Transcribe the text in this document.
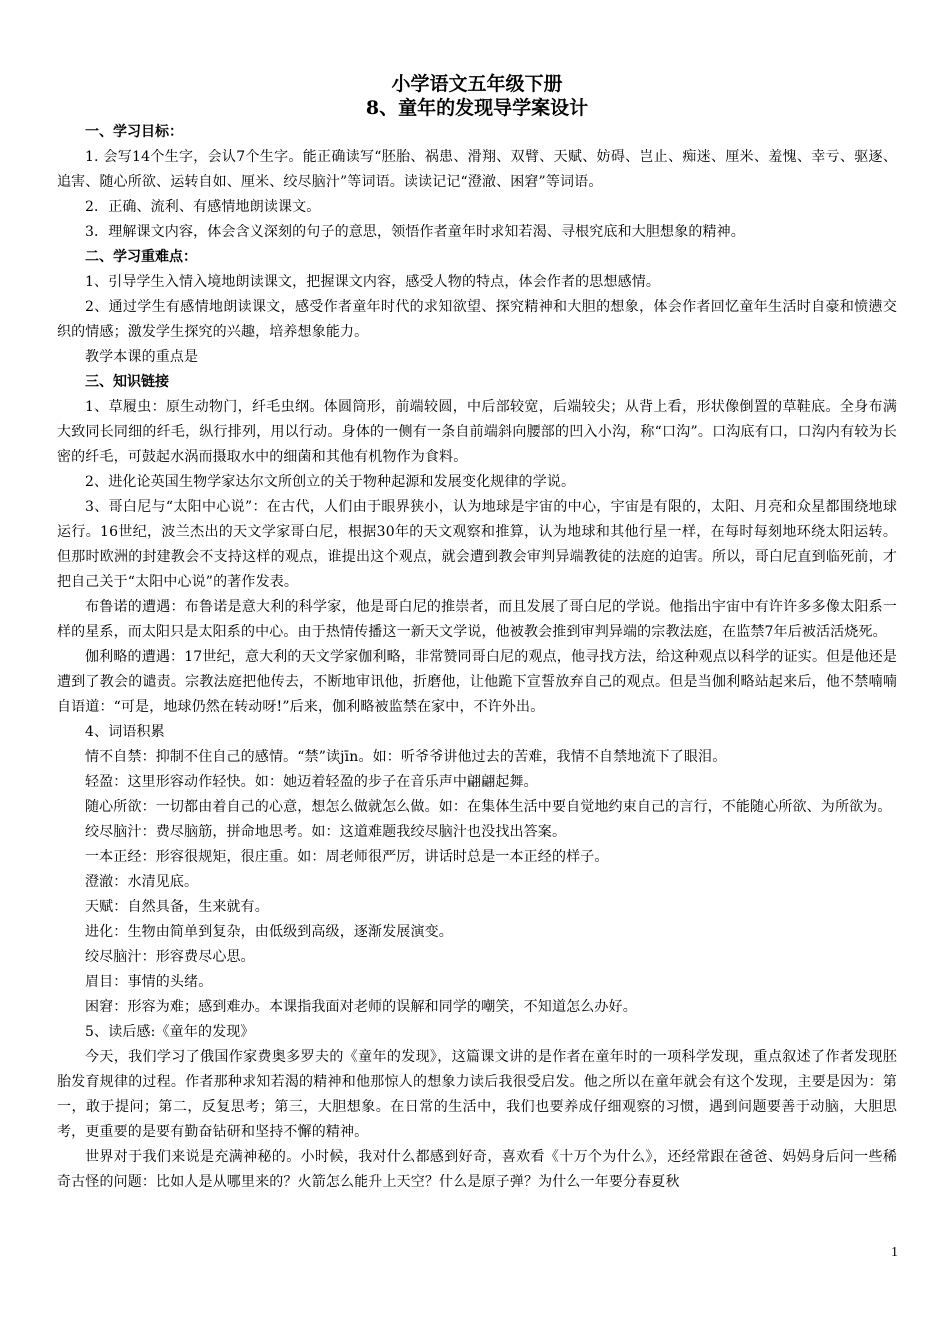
小学语文五年级下册
8、童年的发现导学案设计

一、学习目标：

1. 会写14个生字，会认7个生字。能正确读写“胚胎、祸患、滑翔、双臂、天赋、妨碍、岂止、痴迷、厘米、羞愧、幸亏、驱逐、追害、随心所欲、运转自如、厘米、绞尽脑汁”等词语。读读记记“澄澈、困窘”等词语。

2．正确、流利、有感情地朗读课文。

3．理解课文内容，体会含义深刻的句子的意思，领悟作者童年时求知若渴、寻根究底和大胆想象的精神。

二、学习重难点：

1、引导学生入情入境地朗读课文，把握课文内容，感受人物的特点，体会作者的思想感情。

2、通过学生有感情地朗读课文，感受作者童年时代的求知欲望、探究精神和大胆的想象，体会作者回忆童年生活时自豪和愤懑交织的情感；激发学生探究的兴趣，培养想象能力。

教学本课的重点是

三、知识链接

1、草履虫：原生动物门，纤毛虫纲。体圆筒形，前端较圆，中后部较宽，后端较尖；从背上看，形状像倒置的草鞋底。全身布满大致同长同细的纤毛，纵行排列，用以行动。身体的一侧有一条自前端斜向腰部的凹入小沟，称“口沟”。口沟底有口，口沟内有较为长密的纤毛，可鼓起水涡而摄取水中的细菌和其他有机物作为食料。

2、进化论英国生物学家达尔文所创立的关于物种起源和发展变化规律的学说。

3、哥白尼与“太阳中心说”：在古代，人们由于眼界狭小，认为地球是宇宙的中心，宇宙是有限的，太阳、月亮和众星都围绕地球运行。16世纪，波兰杰出的天文学家哥白尼，根据30年的天文观察和推算，认为地球和其他行星一样，在每时每刻地环绕太阳运转。但那时欧洲的封建教会不支持这样的观点，谁提出这个观点，就会遭到教会审判异端教徒的法庭的迫害。所以，哥白尼直到临死前，才把自己关于“太阳中心说”的著作发表。

布鲁诺的遭遇：布鲁诺是意大利的科学家，他是哥白尼的推崇者，而且发展了哥白尼的学说。他指出宇宙中有许许多多像太阳系一样的星系，而太阳只是太阳系的中心。由于热情传播这一新天文学说，他被教会推到审判异端的宗教法庭，在监禁7年后被活活烧死。

伽利略的遭遇：17世纪，意大利的天文学家伽利略，非常赞同哥白尼的观点，他寻找方法，给这种观点以科学的证实。但是他还是遭到了教会的谴责。宗教法庭把他传去，不断地审讯他，折磨他，让他跪下宣誓放弃自己的观点。但是当伽利略站起来后，他不禁喃喃自语道：“可是，地球仍然在转动呀!”后来，伽利略被监禁在家中，不许外出。

4、词语积累

情不自禁：抑制不住自己的感情。“禁”读jīn。如：听爷爷讲他过去的苦难，我情不自禁地流下了眼泪。

轻盈：这里形容动作轻快。如：她迈着轻盈的步子在音乐声中翩翩起舞。

随心所欲：一切都由着自己的心意，想怎么做就怎么做。如：在集体生活中要自觉地约束自己的言行，不能随心所欲、为所欲为。

绞尽脑汁：费尽脑筋，拼命地思考。如：这道难题我绞尽脑汁也没找出答案。

一本正经：形容很规矩，很庄重。如：周老师很严厉，讲话时总是一本正经的样子。

澄澈：水清见底。

天赋：自然具备，生来就有。

进化：生物由简单到复杂，由低级到高级，逐渐发展演变。

绞尽脑汁：形容费尽心思。

眉目：事情的头绪。

困窘：形容为难；感到难办。本课指我面对老师的误解和同学的嘲笑，不知道怎么办好。

5、读后感:《童年的发现》

今天，我们学习了俄国作家费奥多罗夫的《童年的发现》，这篇课文讲的是作者在童年时的一项科学发现，重点叙述了作者发现胚胎发育规律的过程。作者那种求知若渴的精神和他那惊人的想象力读后我很受启发。他之所以在童年就会有这个发现，主要是因为：第一，敢于提问；第二，反复思考；第三，大胆想象。在日常的生活中，我们也要养成仔细观察的习惯，遇到问题要善于动脑，大胆思考，更重要的是要有勤奋钻研和坚持不懈的精神。

世界对于我们来说是充满神秘的。小时候，我对什么都感到好奇，喜欢看《十万个为什么》，还经常跟在爸爸、妈妈身后问一些稀奇古怪的问题：比如人是从哪里来的？火箭怎么能升上天空？什么是原子弹？为什么一年要分春夏秋

1
